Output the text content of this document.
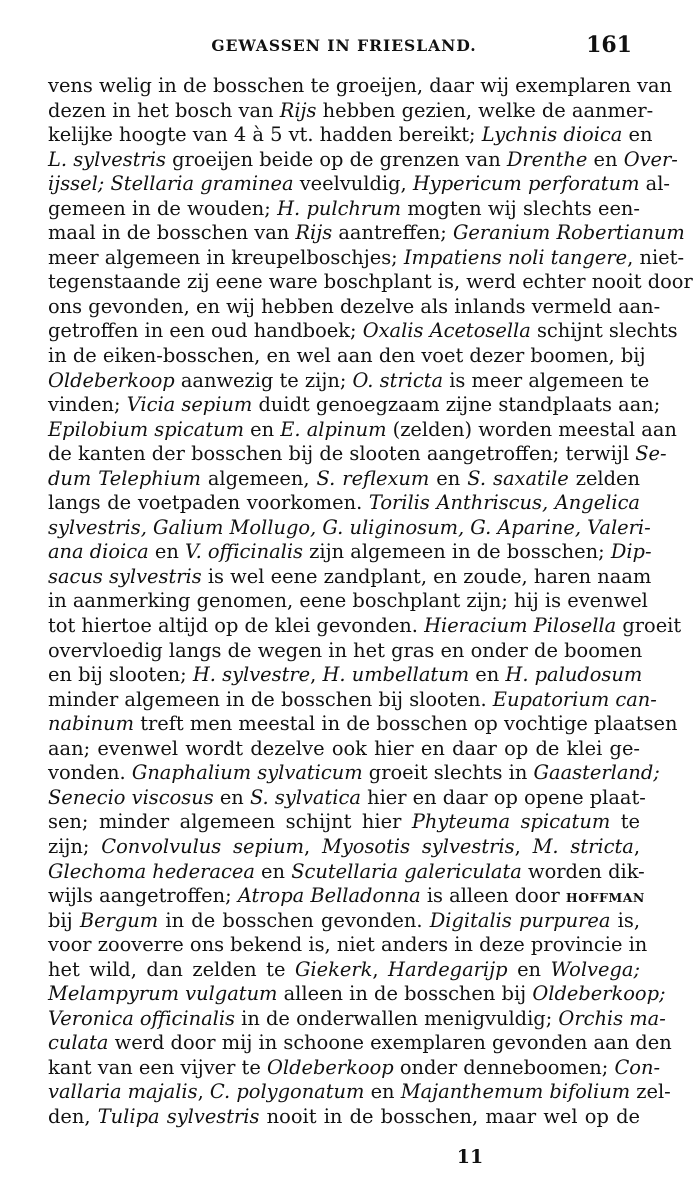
GEWASSEN IN FRIESLAND.	161
vens welig in de bosschen te groeijen, daar wij exemplaren van
dezen in het bosch van Rijs hebben gezien, welke de aanmer-
kelijke hoogte van 4 à 5 vt. hadden bereikt; Lychnis dioica en
L. sylvestris groeijen beide op de grenzen van Drenthe en Over-
ijssel; Stellaria graminea veelvuldig, Hypericum perforatum al-
gemeen in de wouden; H. pulchrum mogten wij slechts een-
maal in de bosschen van Rijs aantreffen; Geranium Robertianum
meer algemeen in kreupelboschjes; Impatiens noli tangere, niet-
tegenstaande zij eene ware boschplant is, werd echter nooit door
ons gevonden, en wij hebben dezelve als inlands vermeld aan-
getroffen in een oud handboek; Oxalis Acetosella schijnt slechts
in de eiken-bosschen, en wel aan den voet dezer boomen, bij
Oldeberkoop aanwezig te zijn; O. stricta is meer algemeen te
vinden; Vicia sepium duidt genoegzaam zijne standplaats aan;
Epilobium spicatum en E. alpinum (zelden) worden meestal aan
de kanten der bosschen bij de slooten aangetroffen; terwijl Se-
dum Telephium algemeen, S. reflexum en S. saxatile zelden
langs de voetpaden voorkomen. Torilis Anthriscus, Angelica
sylvestris, Galium Mollugo, G. uliginosum, G. Aparine, Valeri-
ana dioica en V. officinalis zijn algemeen in de bosschen; Dip-
sacus sylvestris is wel eene zandplant, en zoude, haren naam
in aanmerking genomen, eene boschplant zijn; hij is evenwel
tot hiertoe altijd op de klei gevonden. Hieracium Pilosella groeit
overvloedig langs de wegen in het gras en onder de boomen
en bij slooten; H. sylvestre, H. umbellatum en H. paludosum
minder algemeen in de bosschen bij slooten. Eupatorium can-
nabinum treft men meestal in de bosschen op vochtige plaatsen
aan; evenwel wordt dezelve ook hier en daar op de klei ge-
vonden. Gnaphalium sylvaticum groeit slechts in Gaasterland;
Senecio viscosus en S. sylvatica hier en daar op opene plaat-
sen; minder algemeen schijnt hier Phyteuma spicatum te
zijn; Convolvulus sepium, Myosotis sylvestris, M. stricta,
Glechoma hederacea en Scutellaria galericulata worden dik-
wijls aangetroffen; Atropa Belladonna is alleen door HOFFMAN
bij Bergum in de bosschen gevonden. Digitalis purpurea is,
voor zooverre ons bekend is, niet anders in deze provincie in
het wild, dan zelden te Giekerk, Hardegarijp en Wolvega;
Melampyrum vulgatum alleen in de bosschen bij Oldeberkoop;
Veronica officinalis in de onderwallen menigvuldig; Orchis ma-
culata werd door mij in schoone exemplaren gevonden aan den
kant van een vijver te Oldeberkoop onder denneboomen; Con-
vallaria majalis, C. polygonatum en Majanthemum bifolium zel-
den, Tulipa sylvestris nooit in de bosschen, maar wel op de
11
